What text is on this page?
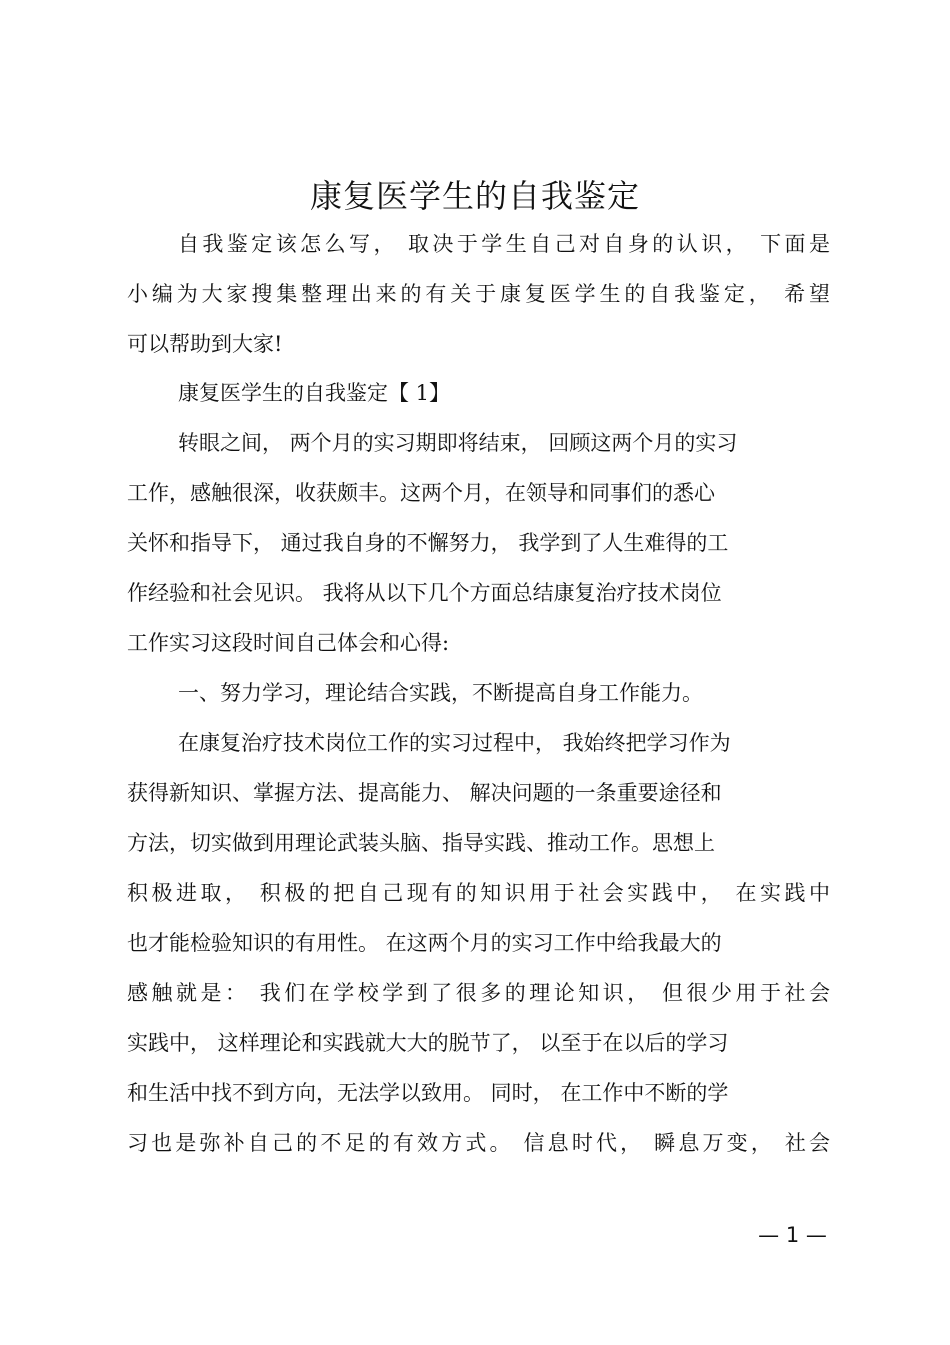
康复医学生的自我鉴定

自我鉴定该怎么写， 取决于学生自己对自身的认识， 下面是

小编为大家搜集整理出来的有关于康复医学生的自我鉴定， 希望

可以帮助到大家!

康复医学生的自我鉴定【 1】

转眼之间， 两个月的实习期即将结束， 回顾这两个月的实习

工作，感触很深，收获颇丰。这两个月，在领导和同事们的悉心

关怀和指导下， 通过我自身的不懈努力， 我学到了人生难得的工

作经验和社会见识。 我将从以下几个方面总结康复治疗技术岗位

工作实习这段时间自己体会和心得:

一、努力学习，理论结合实践，不断提高自身工作能力。

在康复治疗技术岗位工作的实习过程中， 我始终把学习作为

获得新知识、掌握方法、提高能力、 解决问题的一条重要途径和

方法，切实做到用理论武装头脑、指导实践、推动工作。思想上

积极进取， 积极的把自己现有的知识用于社会实践中， 在实践中

也才能检验知识的有用性。 在这两个月的实习工作中给我最大的

感触就是： 我们在学校学到了很多的理论知识， 但很少用于社会

实践中， 这样理论和实践就大大的脱节了， 以至于在以后的学习

和生活中找不到方向，无法学以致用。 同时， 在工作中不断的学

习也是弥补自己的不足的有效方式。 信息时代， 瞬息万变， 社会

— 1 —
